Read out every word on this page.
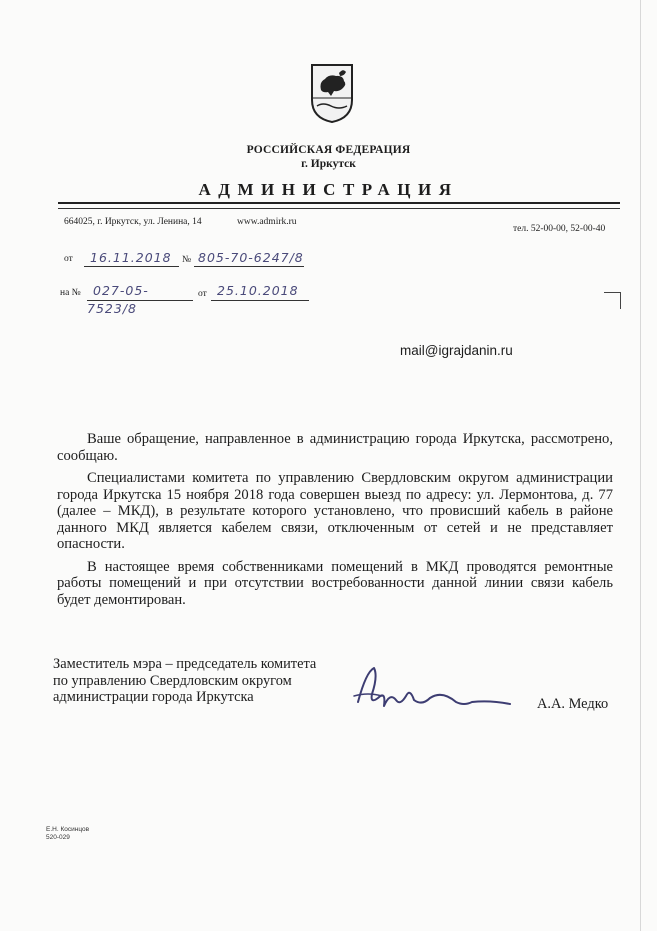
РОССИЙСКАЯ ФЕДЕРАЦИЯ
г. Иркутск
АДМИНИСТРАЦИЯ
664025, г. Иркутск, ул. Ленина, 14	www.admirk.ru
тел. 52-00-00, 52-00-40
от	16.11.2018	№ 805-70-6247/8
на № 027-05-7523/8
от 25.10.2018
mail@igrajdanin.ru

Ваше обращение, направленное в администрацию города Иркутска, рассмотрено, сообщаю.

Специалистами комитета по управлению Свердловским округом администрации города Иркутска 15 ноября 2018 года совершен выезд по адресу: ул. Лермонтова, д. 77 (далее – МКД), в результате которого установлено, что провисший кабель в районе данного МКД является кабелем связи, отключенным от сетей и не представляет опасности.

В настоящее время собственниками помещений в МКД проводятся ремонтные работы помещений и при отсутствии востребованности данной линии связи кабель будет демонтирован.

Заместитель мэра – председатель комитета
по управлению Свердловским округом
администрации города Иркутска	А.А. Медко
Е.Н. Косинцов
520-029
